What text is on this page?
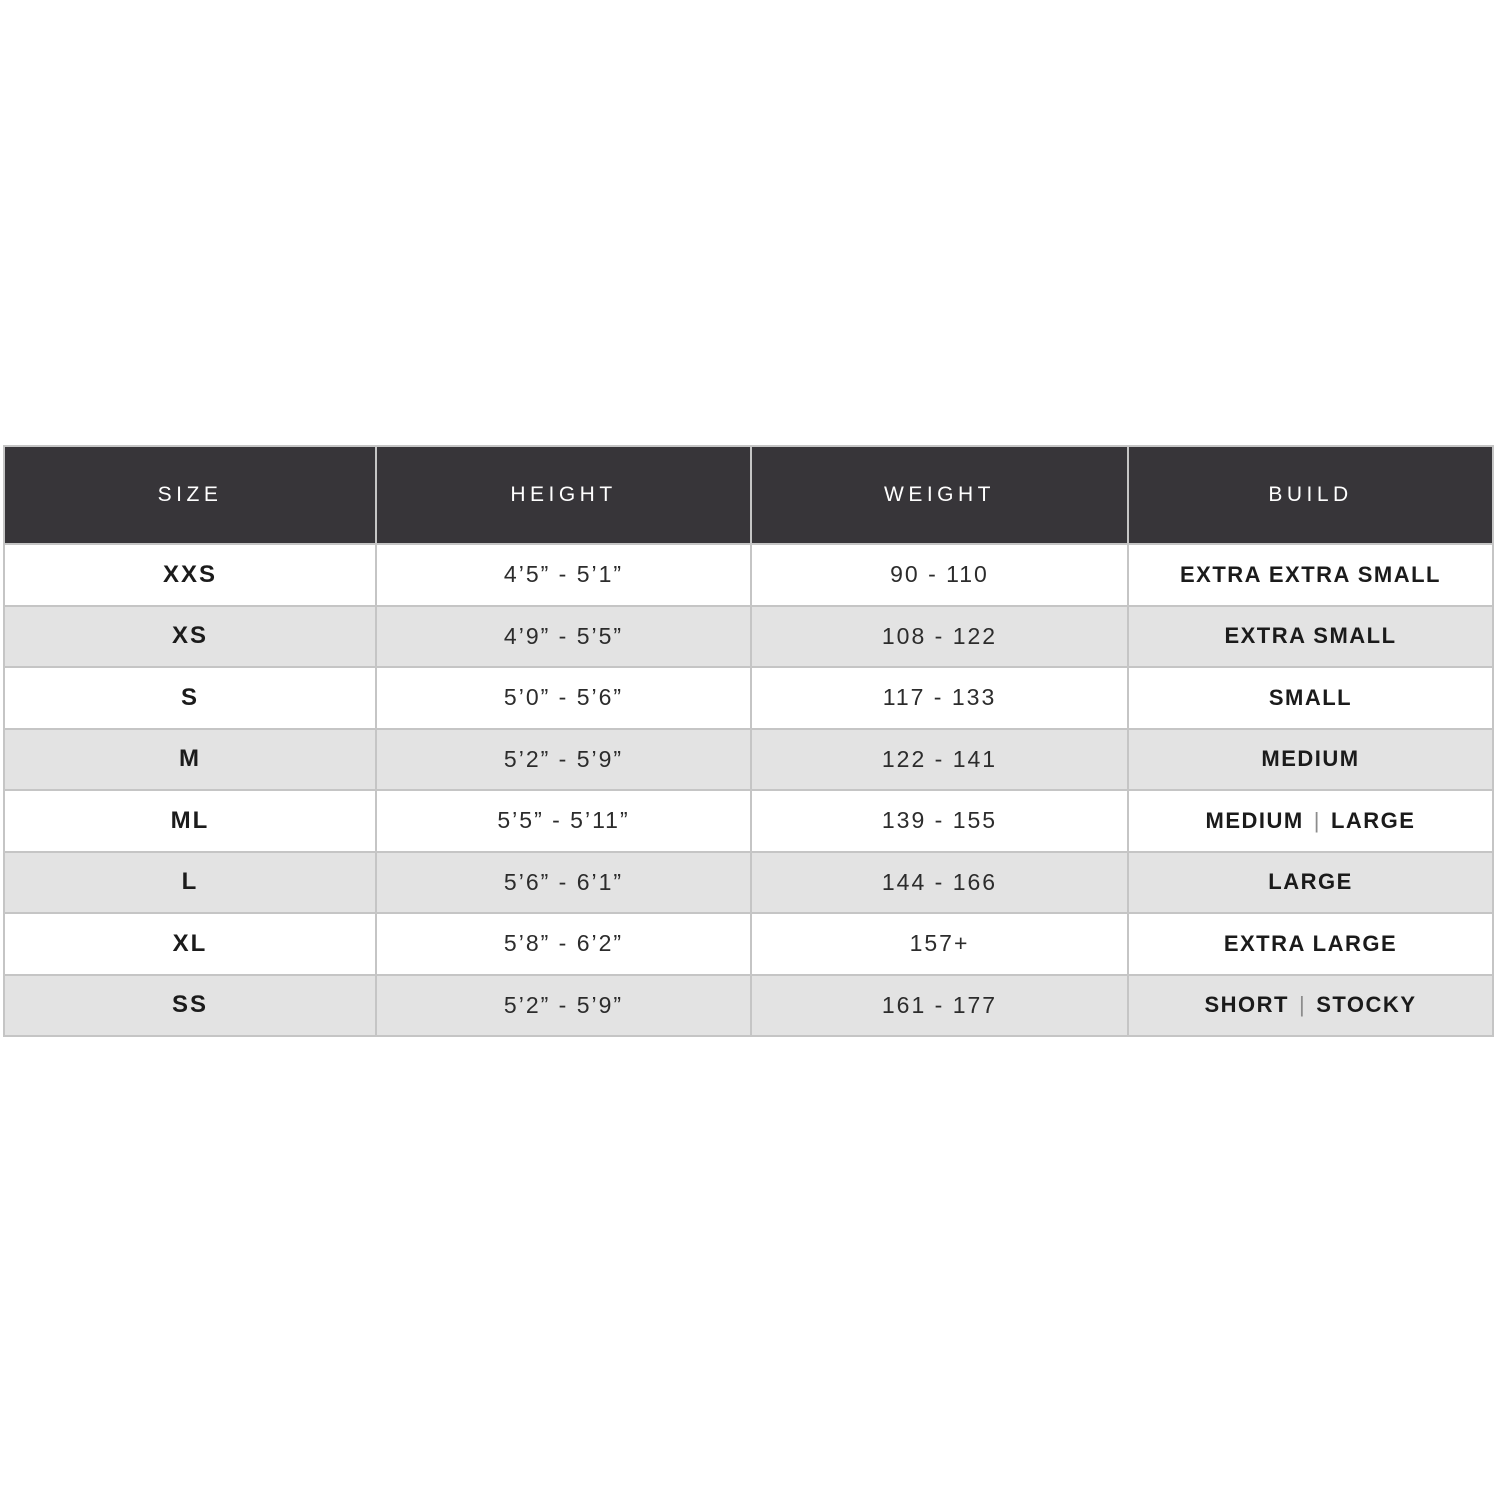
SIZE	HEIGHT	WEIGHT	BUILD
XXS	4’5” - 5’1”	90 - 110	EXTRA EXTRA SMALL
XS	4’9” - 5’5”	108 - 122	EXTRA SMALL
S	5’0” - 5’6”	117 - 133	SMALL
M	5’2” - 5’9”	122 - 141	MEDIUM
ML	5’5” - 5’11”	139 - 155	MEDIUM | LARGE
L	5’6” - 6’1”	144 - 166	LARGE
XL	5’8” - 6’2”	157+	EXTRA LARGE
SS	5’2” - 5’9”	161 - 177	SHORT | STOCKY
